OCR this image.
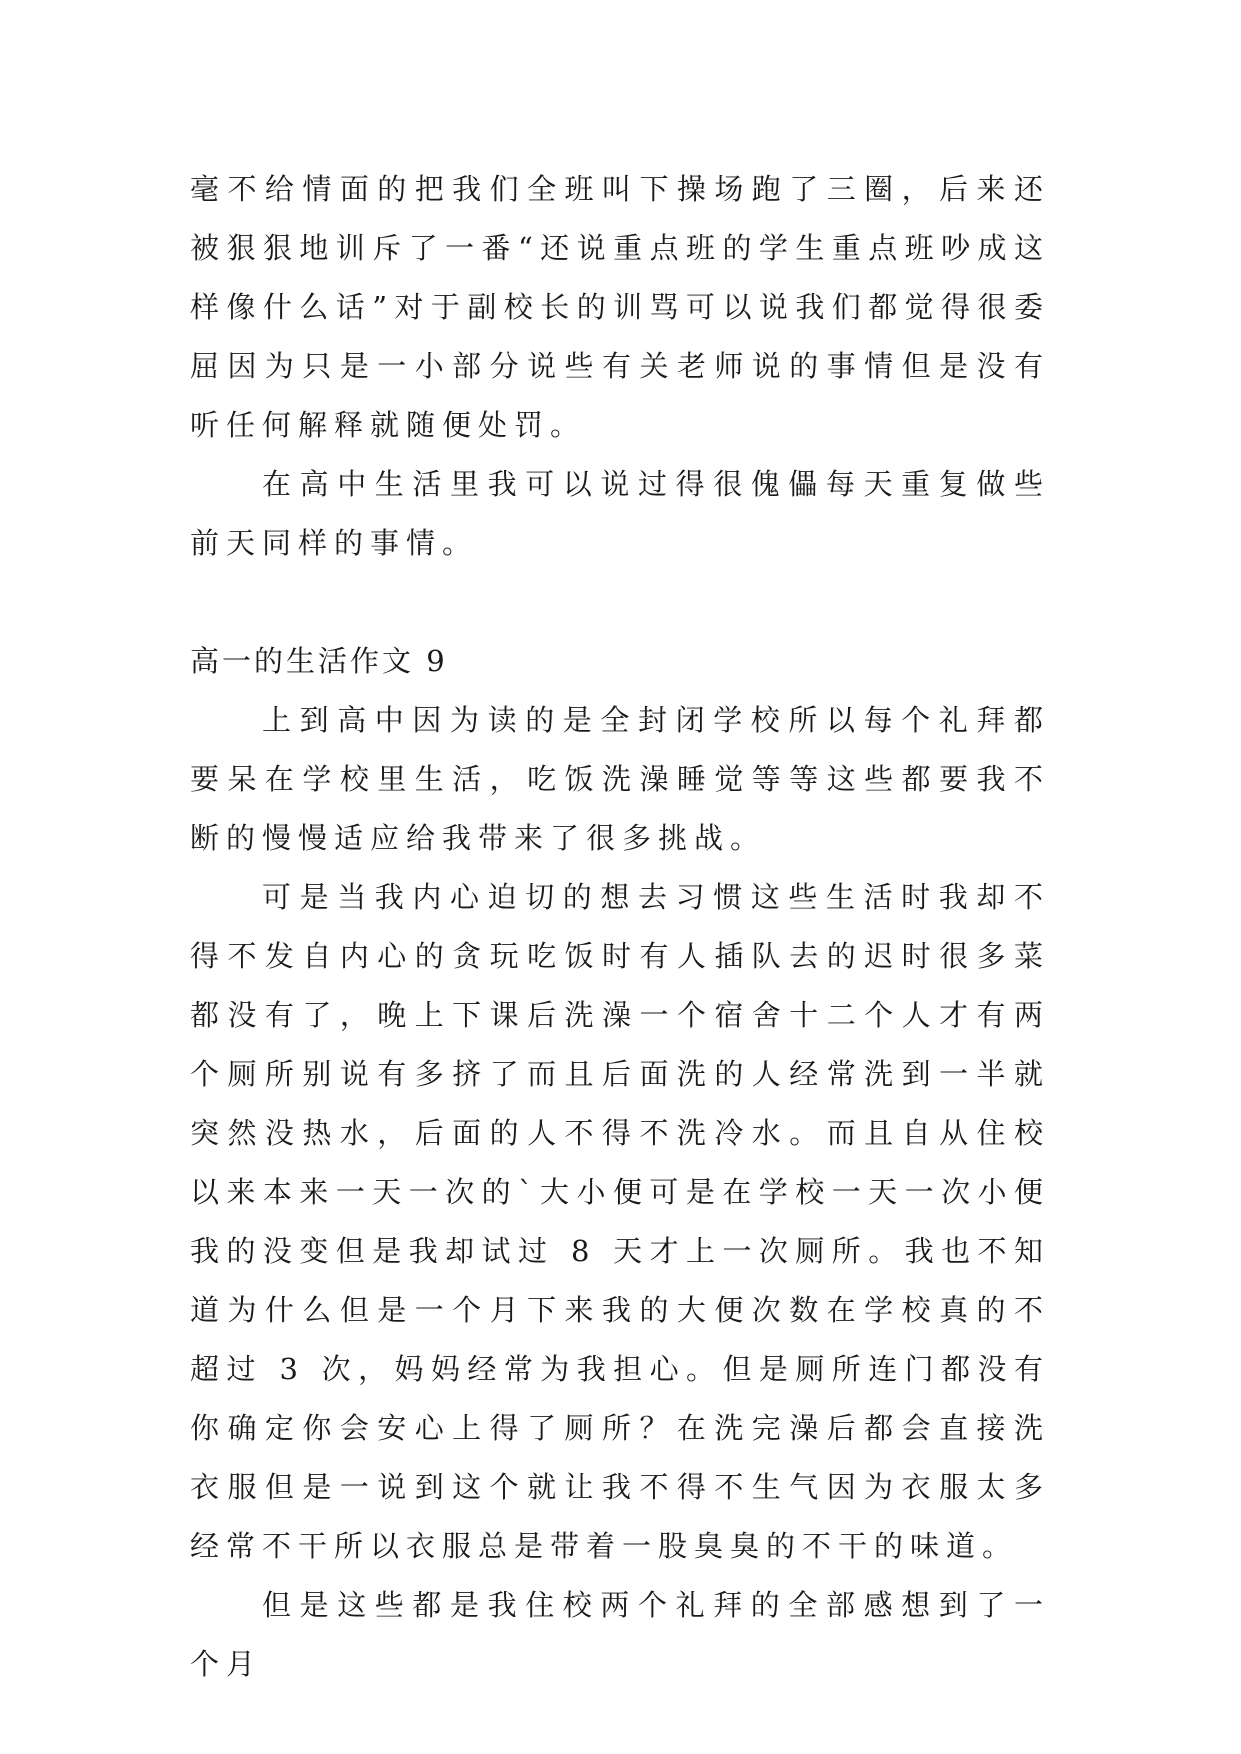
毫不给情面的把我们全班叫下操场跑了三圈，后来还被狠狠地训斥了一番“还说重点班的学生重点班吵成这样像什么话”对于副校长的训骂可以说我们都觉得很委屈因为只是一小部分说些有关老师说的事情但是没有听任何解释就随便处罚。

在高中生活里我可以说过得很傀儡每天重复做些前天同样的事情。

高一的生活作文 9

上到高中因为读的是全封闭学校所以每个礼拜都要呆在学校里生活，吃饭洗澡睡觉等等这些都要我不断的慢慢适应给我带来了很多挑战。

可是当我内心迫切的想去习惯这些生活时我却不得不发自内心的贪玩吃饭时有人插队去的迟时很多菜都没有了，晚上下课后洗澡一个宿舍十二个人才有两个厕所别说有多挤了而且后面洗的人经常洗到一半就突然没热水，后面的人不得不洗冷水。而且自从住校以来本来一天一次的`大小便可是在学校一天一次小便我的没变但是我却试过 8 天才上一次厕所。我也不知道为什么但是一个月下来我的大便次数在学校真的不超过 3 次，妈妈经常为我担心。但是厕所连门都没有你确定你会安心上得了厕所？在洗完澡后都会直接洗衣服但是一说到这个就让我不得不生气因为衣服太多经常不干所以衣服总是带着一股臭臭的不干的味道。

但是这些都是我住校两个礼拜的全部感想到了一个月
